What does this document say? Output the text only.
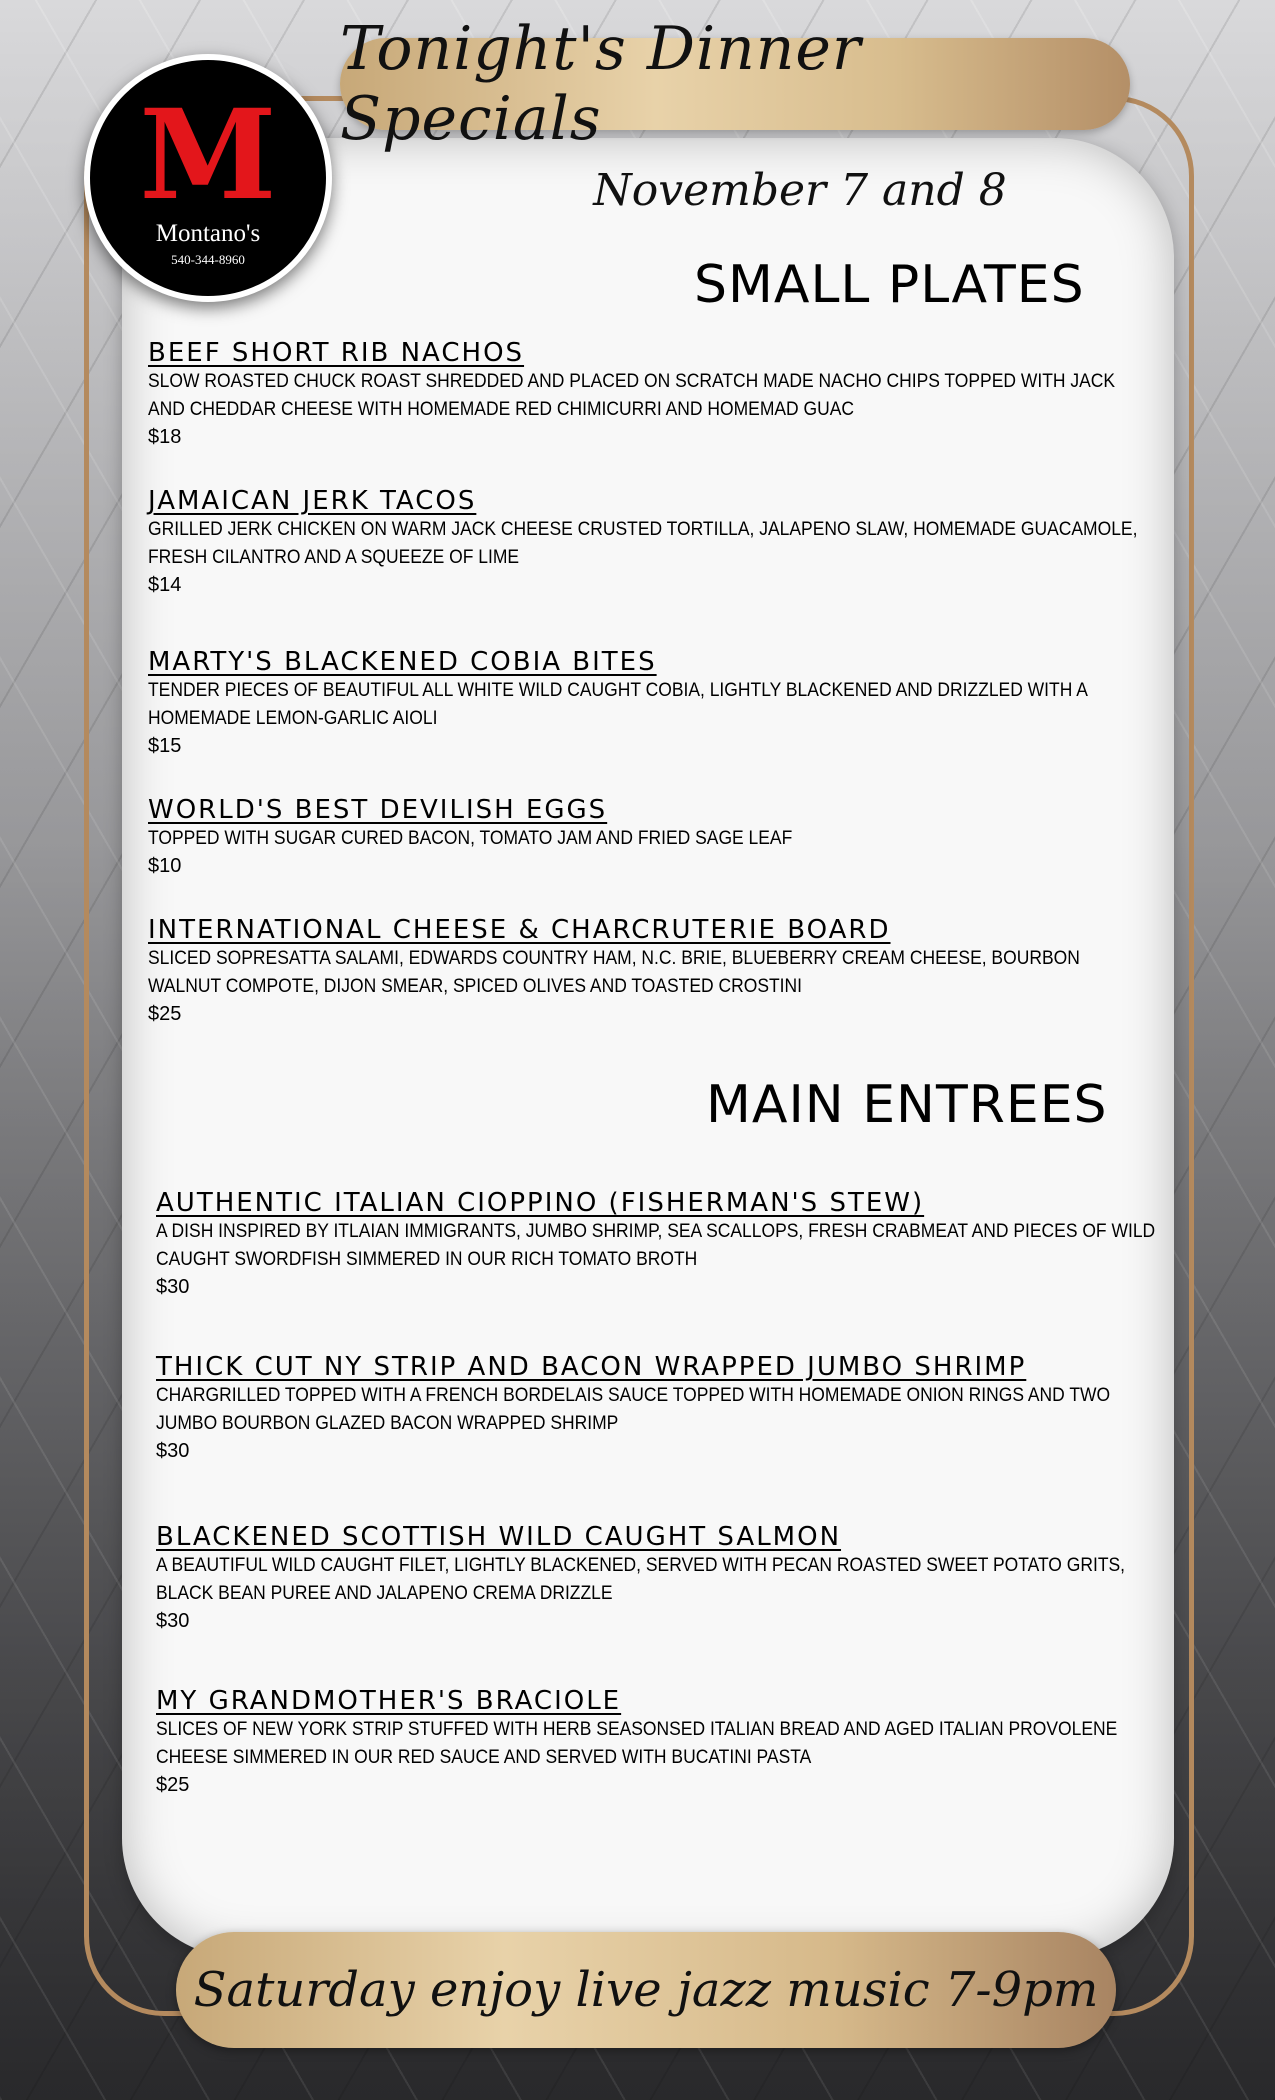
Tonight's Dinner Specials
M
Montano's
540-344-8960
November 7 and 8
SMALL PLATES
BEEF SHORT RIB NACHOS
SLOW ROASTED CHUCK ROAST SHREDDED AND PLACED ON SCRATCH MADE NACHO CHIPS TOPPED WITH JACK AND CHEDDAR CHEESE WITH HOMEMADE RED CHIMICURRI AND HOMEMAD GUAC
$18
JAMAICAN JERK TACOS
GRILLED JERK CHICKEN ON WARM JACK CHEESE CRUSTED TORTILLA, JALAPENO SLAW, HOMEMADE GUACAMOLE, FRESH CILANTRO AND A SQUEEZE OF LIME
$14
MARTY'S BLACKENED COBIA BITES
TENDER PIECES OF BEAUTIFUL ALL WHITE WILD CAUGHT COBIA, LIGHTLY BLACKENED AND DRIZZLED WITH A HOMEMADE LEMON-GARLIC AIOLI
$15
WORLD'S BEST DEVILISH EGGS
TOPPED WITH SUGAR CURED BACON, TOMATO JAM AND FRIED SAGE LEAF
$10
INTERNATIONAL CHEESE & CHARCRUTERIE BOARD
SLICED SOPRESATTA SALAMI, EDWARDS COUNTRY HAM, N.C. BRIE, BLUEBERRY CREAM CHEESE, BOURBON WALNUT COMPOTE, DIJON SMEAR, SPICED OLIVES AND TOASTED CROSTINI
$25
MAIN ENTREES
AUTHENTIC ITALIAN CIOPPINO (FISHERMAN'S STEW)
A DISH INSPIRED BY ITLAIAN IMMIGRANTS, JUMBO SHRIMP, SEA SCALLOPS, FRESH CRABMEAT AND PIECES OF WILD CAUGHT SWORDFISH SIMMERED IN OUR RICH TOMATO BROTH
$30
THICK CUT NY STRIP AND BACON WRAPPED JUMBO SHRIMP
CHARGRILLED TOPPED WITH A FRENCH BORDELAIS SAUCE TOPPED WITH HOMEMADE ONION RINGS AND TWO JUMBO BOURBON GLAZED BACON WRAPPED SHRIMP
$30
BLACKENED SCOTTISH WILD CAUGHT SALMON
A BEAUTIFUL WILD CAUGHT FILET, LIGHTLY BLACKENED, SERVED WITH PECAN ROASTED SWEET POTATO GRITS, BLACK BEAN PUREE AND JALAPENO CREMA DRIZZLE
$30
MY GRANDMOTHER'S BRACIOLE
SLICES OF NEW YORK STRIP STUFFED WITH HERB SEASONSED ITALIAN BREAD AND AGED ITALIAN PROVOLENE CHEESE SIMMERED IN OUR RED SAUCE AND SERVED WITH BUCATINI PASTA
$25
Saturday enjoy live jazz music 7-9pm
